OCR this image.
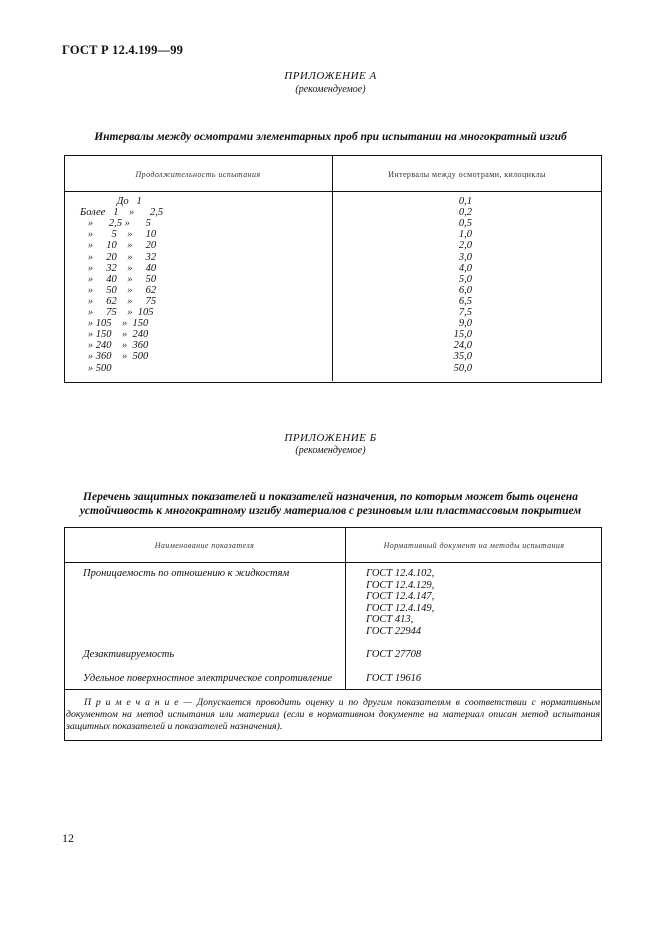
ГОСТ Р 12.4.199—99
ПРИЛОЖЕНИЕ А
(рекомендуемое)
Интервалы между осмотрами элементарных проб при испытании на многократный изгиб
Продолжительность испытания	Интервалы между осмотрами, килоциклы
До   1	0,1
Более   1    »      2,5	0,2
»      2,5 »      5	0,5
»       5    »     10	1,0
»     10    »     20	2,0
»     20    »     32	3,0
»     32    »     40	4,0
»     40    »     50	5,0
»     50    »     62	6,0
»     62    »     75	6,5
»     75    »  105	7,5
» 105    »  150	9,0
» 150    »  240	15,0
» 240    »  360	24,0
» 360    »  500	35,0
» 500	50,0
ПРИЛОЖЕНИЕ Б
(рекомендуемое)
Перечень защитных показателей и показателей назначения, по которым может быть оценена
устойчивость к многократному изгибу материалов с резиновым или пластмассовым покрытием
Наименование показателя	Нормативный документ на методы испытания
Проницаемость по отношению к жидкостям	ГОСТ 12.4.102,
ГОСТ 12.4.129,
ГОСТ 12.4.147,
ГОСТ 12.4.149,
ГОСТ 413,
ГОСТ 22944
Дезактивируемость	ГОСТ 27708
Удельное поверхностное электрическое сопротивление	ГОСТ 19616
П р и м е ч а н и е — Допускается проводить оценку и по другим показателям в соответствии с нормативным документом на метод испытания или материал (если в нормативном документе на материал описан метод испытания защитных показателей и показателей назначения).
12
